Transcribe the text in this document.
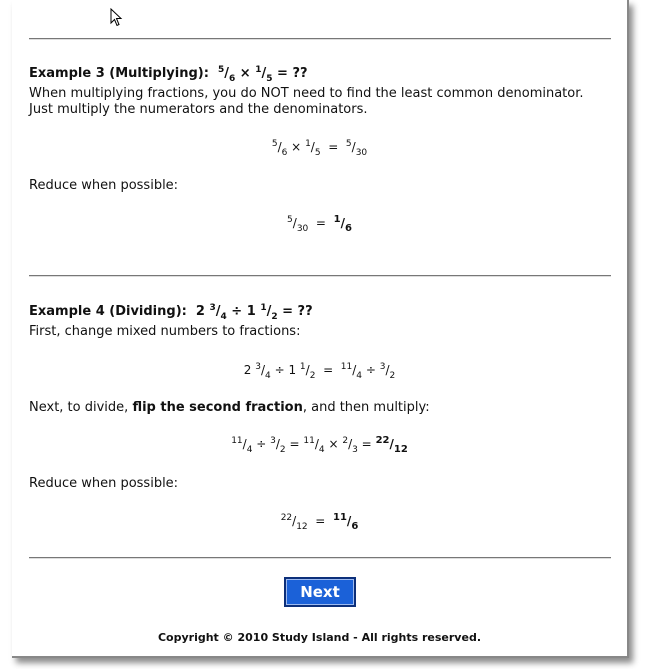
Example 3 (Multiplying): $^5/_6 \times ^1/_5$ = ??
When multiplying fractions, you do NOT need to find the least common denominator.
Just multiply the numerators and the denominators.
$^5/_6 \times ^1/_5 = ^5/_{30}$
Reduce when possible:
$^5/_{30} = ^1/_6$
Example 4 (Dividing): 2 $^3/_4 \div 1$ $^1/_2$ = ??
First, change mixed numbers to fractions:
2 $^3/_4 \div 1$ $^1/_2 = ^{11}/_4 \div ^3/_2$
Next, to divide, flip the second fraction, and then multiply:
$^{11}/_4 \div ^3/_2 = ^{11}/_4 \times ^2/_3 = ^{22}/_{12}$
Reduce when possible:
$^{22}/_{12} = ^{11}/_6$
Next
Copyright © 2010 Study Island - All rights reserved.
